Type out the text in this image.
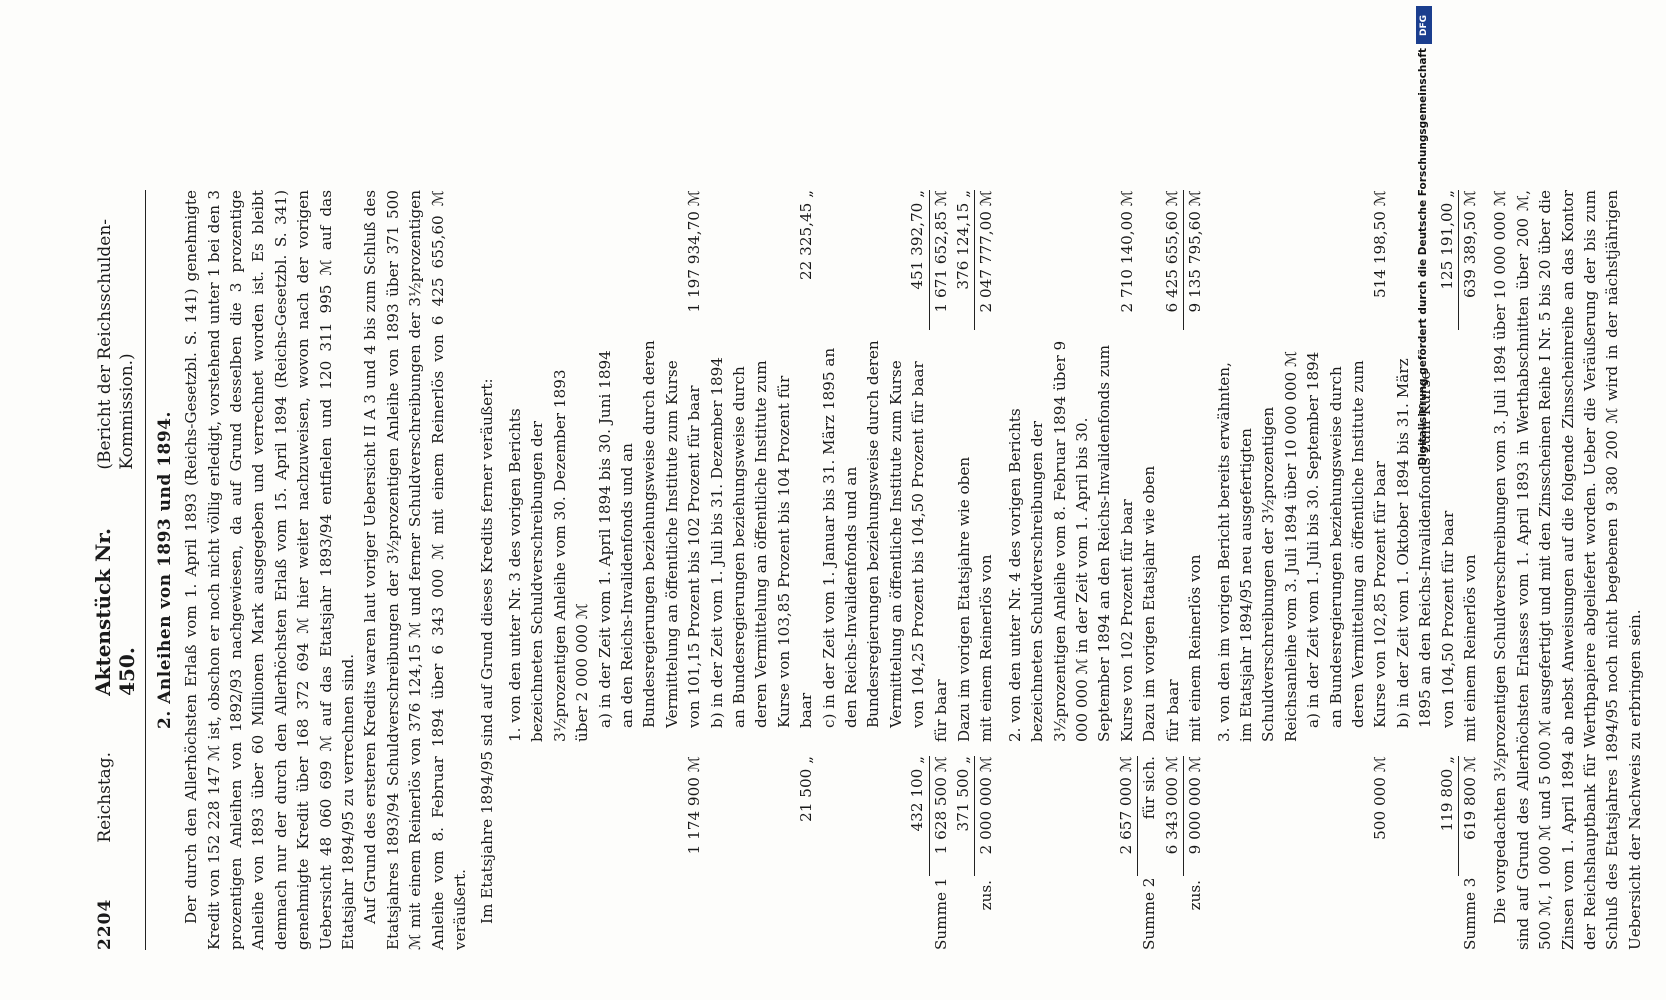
2204
Reichstag.
Aktenstück Nr. 450.
(Bericht der Reichsschulden-Kommission.) 2. Anleihen von 1893 und 1894. Der durch den Allerhöchsten Erlaß vom 1. April 1893 (Reichs-Gesetzbl. S. 141) genehmigte Kredit von 152 228 147 ℳ ist, obschon er noch nicht völlig erledigt, vorstehend unter 1 bei den 3 prozentigen Anleihen von 1892/93 nachgewiesen, da auf Grund desselben die 3 prozentige Anleihe von 1893 über 60 Millionen Mark ausgegeben und verrechnet worden ist. Es bleibt demnach nur der durch den Allerhöchsten Erlaß vom 15. April 1894 (Reichs-Gesetzbl. S. 341) genehmigte Kredit über 168 372 694 ℳ hier weiter nachzuweisen, wovon nach der vorigen Uebersicht 48 060 699 ℳ auf das Etatsjahr 1893/94 entfielen und 120 311 995 ℳ auf das Etatsjahr 1894/95 zu verrechnen sind. Auf Grund des ersteren Kredits waren laut voriger Uebersicht II A 3 und 4 bis zum Schluß des Etatsjahres 1893/94 Schuldverschreibungen der 3½prozentigen Anleihe von 1893 über 371 500 ℳ mit einem Reinerlös von 376 124,15 ℳ und ferner Schuldverschreibungen der 3½prozentigen Anleihe vom 8. Februar 1894 über 6 343 000 ℳ mit einem Reinerlös von 6 425 655,60 ℳ veräußert. Im Etatsjahre 1894/95 sind auf Grund dieses Kredits ferner veräußert: 1. von den unter Nr. 3 des vorigen Berichts bezeichneten Schuldverschreibungen der 3½prozentigen Anleihe vom 30. Dezember 1893 über 2 000 000 ℳ
1 174 900 ℳ
a) in der Zeit vom 1. April 1894 bis 30. Juni 1894 an den Reichs-Invalidenfonds und an Bundesregierungen beziehungsweise durch deren Vermittelung an öffentliche Institute zum Kurse von 101,15 Prozent bis 102 Prozent für baar
1 197 934,70 ℳ
21 500 „
b) in der Zeit vom 1. Juli bis 31. Dezember 1894 an Bundesregierungen beziehungsweise durch deren Vermittelung an öffentliche Institute zum Kurse von 103,85 Prozent bis 104 Prozent für baar
22 325,45 „
432 100 „
c) in der Zeit vom 1. Januar bis 31. März 1895 an den Reichs-Invalidenfonds und an Bundesregierungen beziehungsweise durch deren Vermittelung an öffentliche Institute zum Kurse von 104,25 Prozent bis 104,50 Prozent für baar
451 392,70 „
Summe 1
1 628 500 ℳ
für baar
1 671 652,85 ℳ
371 500 „
Dazu im vorigen Etatsjahre wie oben
376 124,15 „
zus.
2 000 000 ℳ
mit einem Reinerlös von
2 047 777,00 ℳ
2 657 000 ℳ
2. von den unter Nr. 4 des vorigen Berichts bezeichneten Schuldverschreibungen der 3½prozentigen Anleihe vom 8. Februar 1894 über 9 000 000 ℳ in der Zeit vom 1. April bis 30. September 1894 an den Reichs-Invalidenfonds zum Kurse von 102 Prozent für baar
2 710 140,00 ℳ
Summe 2
für sich.
Dazu im vorigen Etatsjahr wie oben
6 343 000 ℳ
für baar
6 425 655,60 ℳ
zus.
9 000 000 ℳ
mit einem Reinerlös von
9 135 795,60 ℳ
3. von den im vorigen Bericht bereits erwähnten, im Etatsjahr 1894/95 neu ausgefertigten Schuldverschreibungen der 3½prozentigen Reichsanleihe vom 3. Juli 1894 über 10 000 000 ℳ
500 000 ℳ
a) in der Zeit vom 1. Juli bis 30. September 1894 an Bundesregierungen beziehungsweise durch deren Vermittelung an öffentliche Institute zum Kurse von 102,85 Prozent für baar
514 198,50 ℳ
119 800 „
b) in der Zeit vom 1. Oktober 1894 bis 31. März 1895 an den Reichs-Invalidenfonds zum Kurse von 104,50 Prozent für baar
125 191,00 „
Summe 3
619 800 ℳ
mit einem Reinerlös von
639 389,50 ℳ Die vorgedachten 3½prozentigen Schuldverschreibungen vom 3. Juli 1894 über 10 000 000 ℳ sind auf Grund des Allerhöchsten Erlasses vom 1. April 1893 in Werthabschnitten über 200 ℳ, 500 ℳ, 1 000 ℳ und 5 000 ℳ ausgefertigt und mit den Zinsscheinen Reihe I Nr. 5 bis 20 über die Zinsen vom 1. April 1894 ab nebst Anweisungen auf die folgende Zinsscheinreihe an das Kontor der Reichshauptbank für Werthpapiere abgeliefert worden. Ueber die Veräußerung der bis zum Schluß des Etatsjahres 1894/95 noch nicht begebenen 9 380 200 ℳ wird in der nächstjährigen Uebersicht der Nachweis zu erbringen sein.

DFG
Digitalisierung gefördert durch die Deutsche Forschungsgemeinschaft
